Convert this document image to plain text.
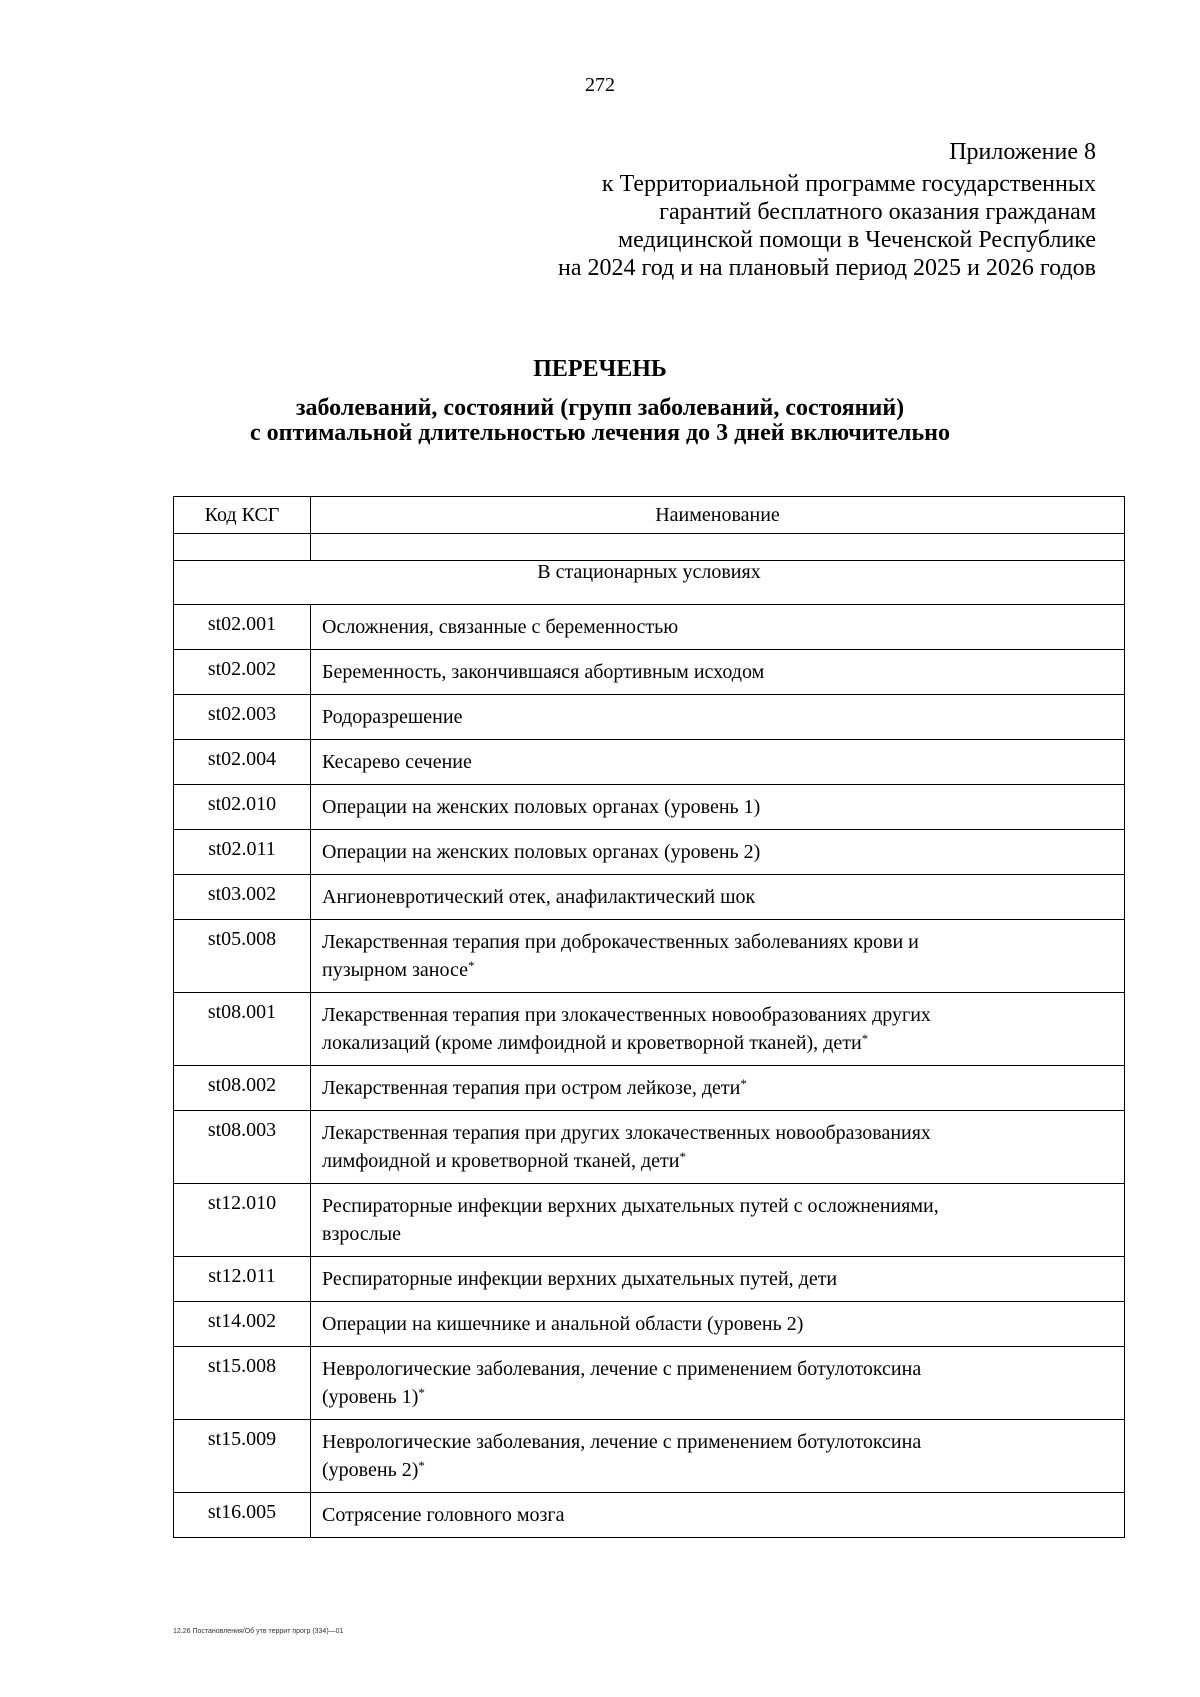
272
Приложение 8
к Территориальной программе государственных
гарантий бесплатного оказания гражданам
медицинской помощи в Чеченской Республике
на 2024 год и на плановый период 2025 и 2026 годов
ПЕРЕЧЕНЬ
заболеваний, состояний (групп заболеваний, состояний)
с оптимальной длительностью лечения до 3 дней включительно
Код КСГ	Наименование

В стационарных условиях	
st02.001	Осложнения, связанные с беременностью

st02.002	Беременность, закончившаяся абортивным исходом

st02.003	Родоразрешение

st02.004	Кесарево сечение

st02.010	Операции на женских половых органах (уровень 1)

st02.011	Операции на женских половых органах (уровень 2)

st03.002	Ангионевротический отек, анафилактический шок

st05.008	Лекарственная терапия при доброкачественных заболеваниях крови и
пузырном заносе*

st08.001	Лекарственная терапия при злокачественных новообразованиях других
локализаций (кроме лимфоидной и кроветворной тканей), дети*

st08.002	Лекарственная терапия при остром лейкозе, дети*

st08.003	Лекарственная терапия при других злокачественных новообразованиях
лимфоидной и кроветворной тканей, дети*

st12.010	Респираторные инфекции верхних дыхательных путей с осложнениями,
взрослые

st12.011	Респираторные инфекции верхних дыхательных путей, дети

st14.002	Операции на кишечнике и анальной области (уровень 2)

st15.008	Неврологические заболевания, лечение с применением ботулотоксина
(уровень 1)*

st15.009	Неврологические заболевания, лечение с применением ботулотоксина
(уровень 2)*

st16.005	Сотрясение головного мозга
12.26 Постановления/Об утв террит прогр (334)—01
